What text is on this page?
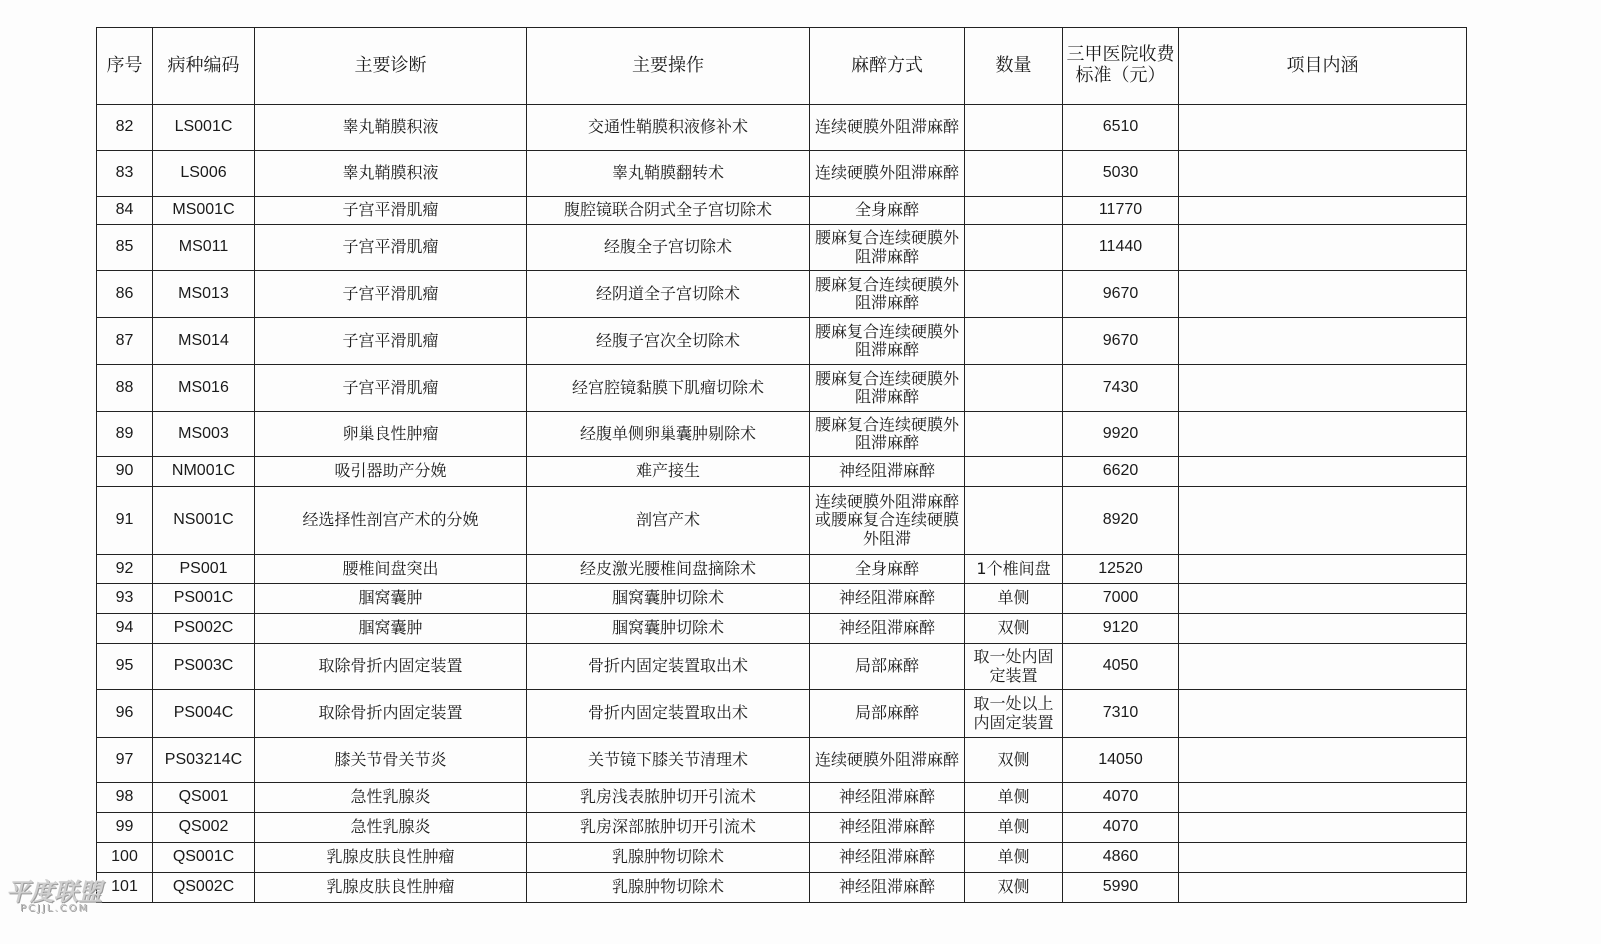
序号	病种编码	主要诊断	主要操作	麻醉方式	数量	三甲医院收费标准（元）	项目内涵
82	LS001C	睾丸鞘膜积液	交通性鞘膜积液修补术	连续硬膜外阻滞麻醉		6510	
83	LS006	睾丸鞘膜积液	睾丸鞘膜翻转术	连续硬膜外阻滞麻醉		5030	
84	MS001C	子宫平滑肌瘤	腹腔镜联合阴式全子宫切除术	全身麻醉		11770	
85	MS011	子宫平滑肌瘤	经腹全子宫切除术	腰麻复合连续硬膜外阻滞麻醉		11440	
86	MS013	子宫平滑肌瘤	经阴道全子宫切除术	腰麻复合连续硬膜外阻滞麻醉		9670	
87	MS014	子宫平滑肌瘤	经腹子宫次全切除术	腰麻复合连续硬膜外阻滞麻醉		9670	
88	MS016	子宫平滑肌瘤	经宫腔镜黏膜下肌瘤切除术	腰麻复合连续硬膜外阻滞麻醉		7430	
89	MS003	卵巢良性肿瘤	经腹单侧卵巢囊肿剔除术	腰麻复合连续硬膜外阻滞麻醉		9920	
90	NM001C	吸引器助产分娩	难产接生	神经阻滞麻醉		6620	
91	NS001C	经选择性剖宫产术的分娩	剖宫产术	连续硬膜外阻滞麻醉或腰麻复合连续硬膜外阻滞		8920	
92	PS001	腰椎间盘突出	经皮激光腰椎间盘摘除术	全身麻醉	1个椎间盘	12520	
93	PS001C	腘窝囊肿	腘窝囊肿切除术	神经阻滞麻醉	单侧	7000	
94	PS002C	腘窝囊肿	腘窝囊肿切除术	神经阻滞麻醉	双侧	9120	
95	PS003C	取除骨折内固定装置	骨折内固定装置取出术	局部麻醉	取一处内固定装置	4050	
96	PS004C	取除骨折内固定装置	骨折内固定装置取出术	局部麻醉	取一处以上内固定装置	7310	
97	PS03214C	膝关节骨关节炎	关节镜下膝关节清理术	连续硬膜外阻滞麻醉	双侧	14050	
98	QS001	急性乳腺炎	乳房浅表脓肿切开引流术	神经阻滞麻醉	单侧	4070	
99	QS002	急性乳腺炎	乳房深部脓肿切开引流术	神经阻滞麻醉	单侧	4070	
100	QS001C	乳腺皮肤良性肿瘤	乳腺肿物切除术	神经阻滞麻醉	单侧	4860	
101	QS002C	乳腺皮肤良性肿瘤	乳腺肿物切除术	神经阻滞麻醉	双侧	5990	
平度联盟
PCJJL.COM
